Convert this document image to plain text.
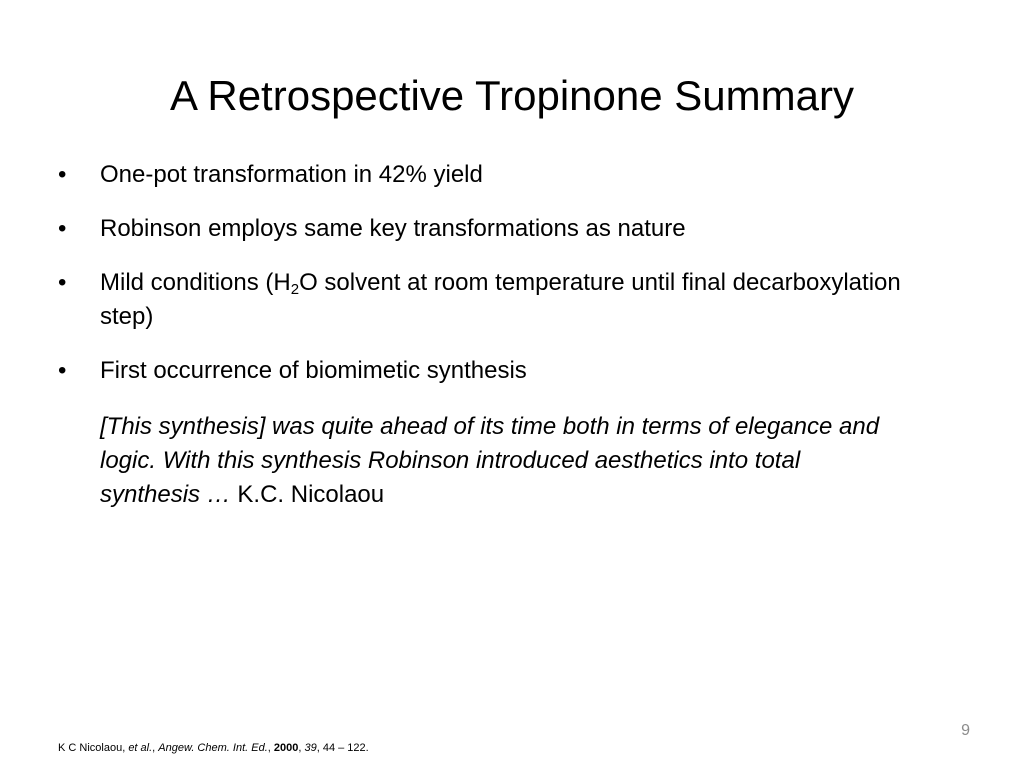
A Retrospective Tropinone Summary
•	One-pot transformation in 42% yield
•	Robinson employs same key transformations as nature
•	Mild conditions ($H_2O$ solvent at room temperature until final decarboxylation step)
•	First occurrence of biomimetic synthesis

[This synthesis] was quite ahead of its time both in terms of elegance and logic. With this synthesis Robinson introduced aesthetics into total synthesis … K.C. Nicolaou

9
K C Nicolaou, et al., Angew. Chem. Int. Ed., 2000, 39, 44 – 122.
